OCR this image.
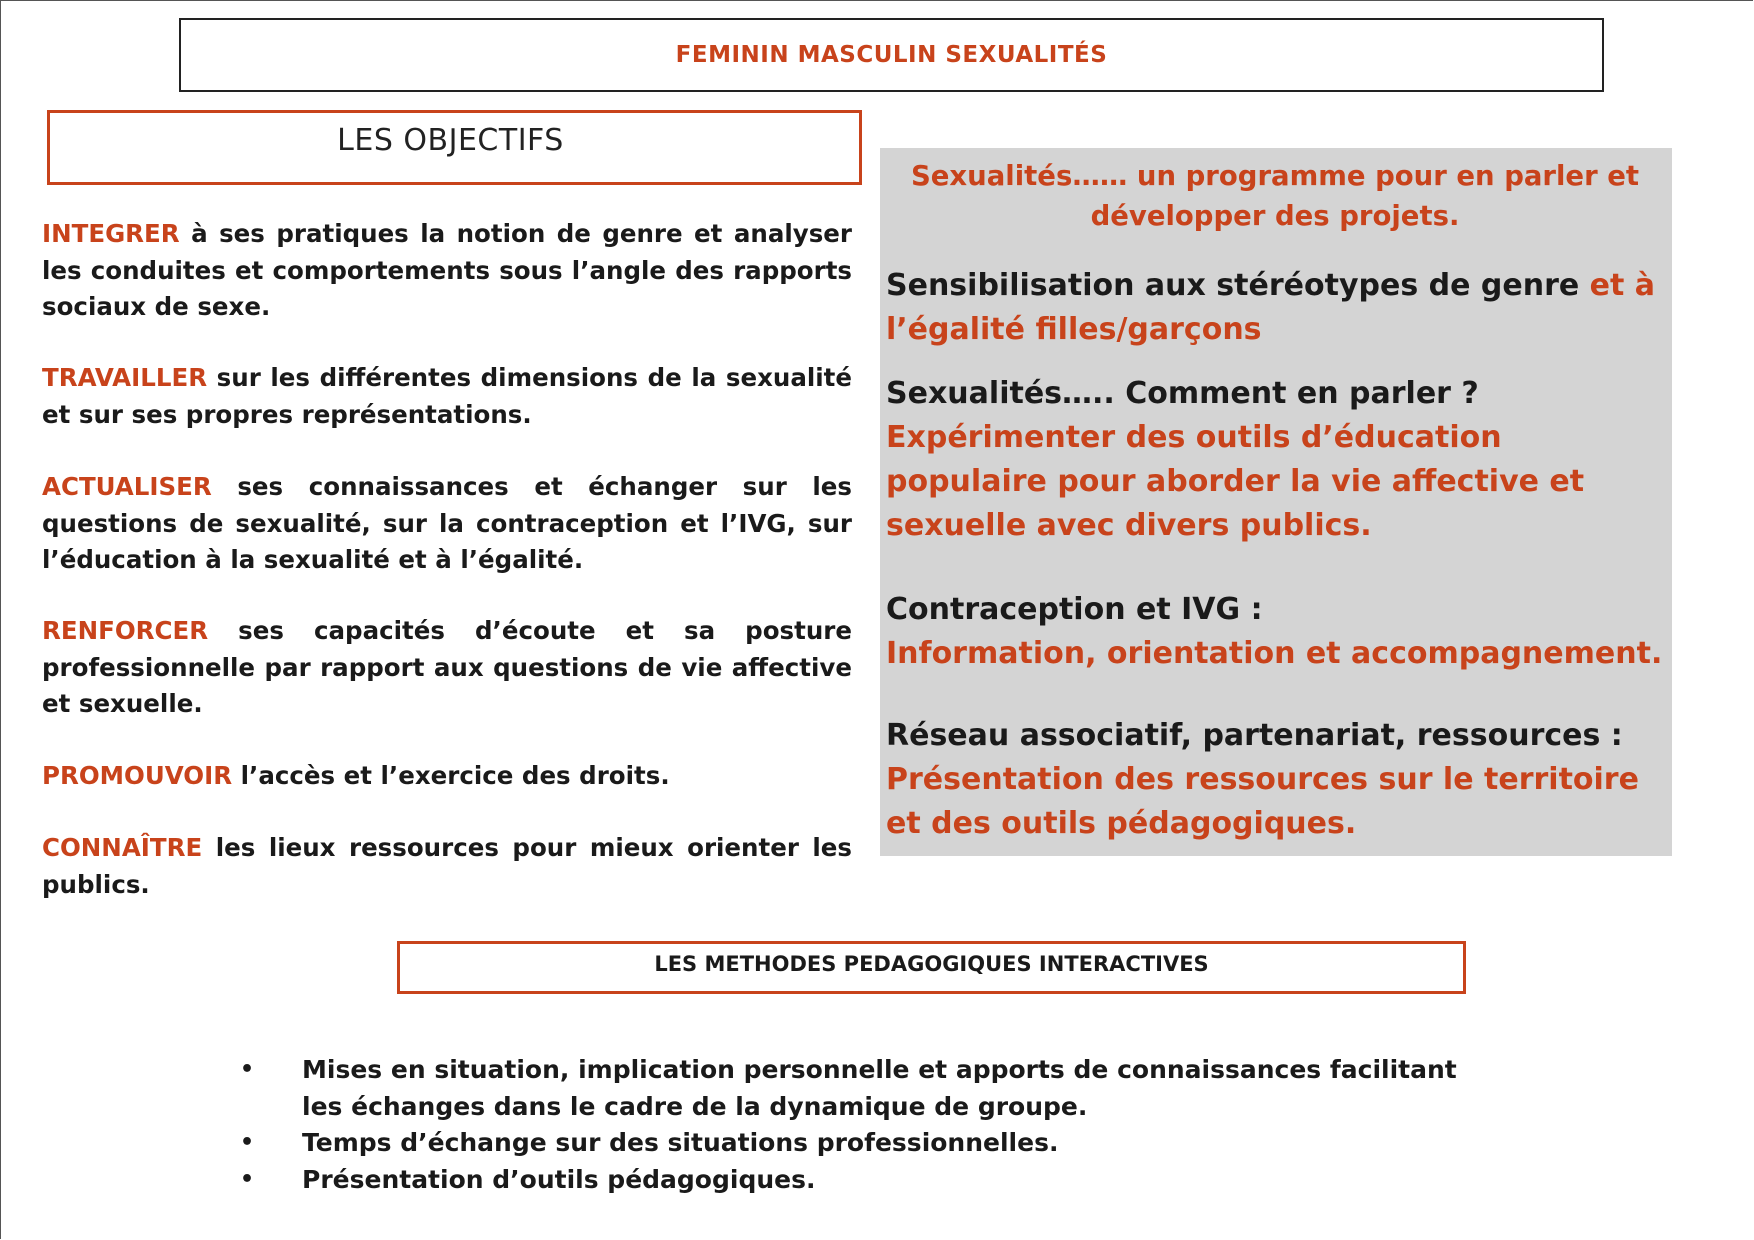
FEMININ MASCULIN SEXUALITÉS
LES OBJECTIFS

INTEGRER à ses pratiques la notion de genre et analyser les conduites et comportements sous l’angle des rapports sociaux de sexe.

TRAVAILLER sur les différentes dimensions de la sexualité et sur ses propres représentations.

ACTUALISER ses connaissances et échanger sur les questions de sexualité, sur la contraception et l’IVG, sur l’éducation à la sexualité et à l’égalité.

RENFORCER ses capacités d’écoute et sa posture professionnelle par rapport aux questions de vie affective et sexuelle.

PROMOUVOIR l’accès et l’exercice des droits.

CONNAÎTRE les lieux ressources pour mieux orienter les publics.

Sexualités…… un programme pour en parler et développer des projets.
Sensibilisation aux stéréotypes de genre et à l’égalité filles/garçons
Sexualités….. Comment en parler ?
Expérimenter des outils d’éducation populaire pour aborder la vie affective et sexuelle avec divers publics.
Contraception et IVG :
Information, orientation et accompagnement.
Réseau associatif, partenariat, ressources :
Présentation des ressources sur le territoire et des outils pédagogiques.
LES METHODES PEDAGOGIQUES INTERACTIVES
• Mises en situation, implication personnelle et apports de connaissances facilitant les échanges dans le cadre de la dynamique de groupe.
• Temps d’échange sur des situations professionnelles.
• Présentation d’outils pédagogiques.
